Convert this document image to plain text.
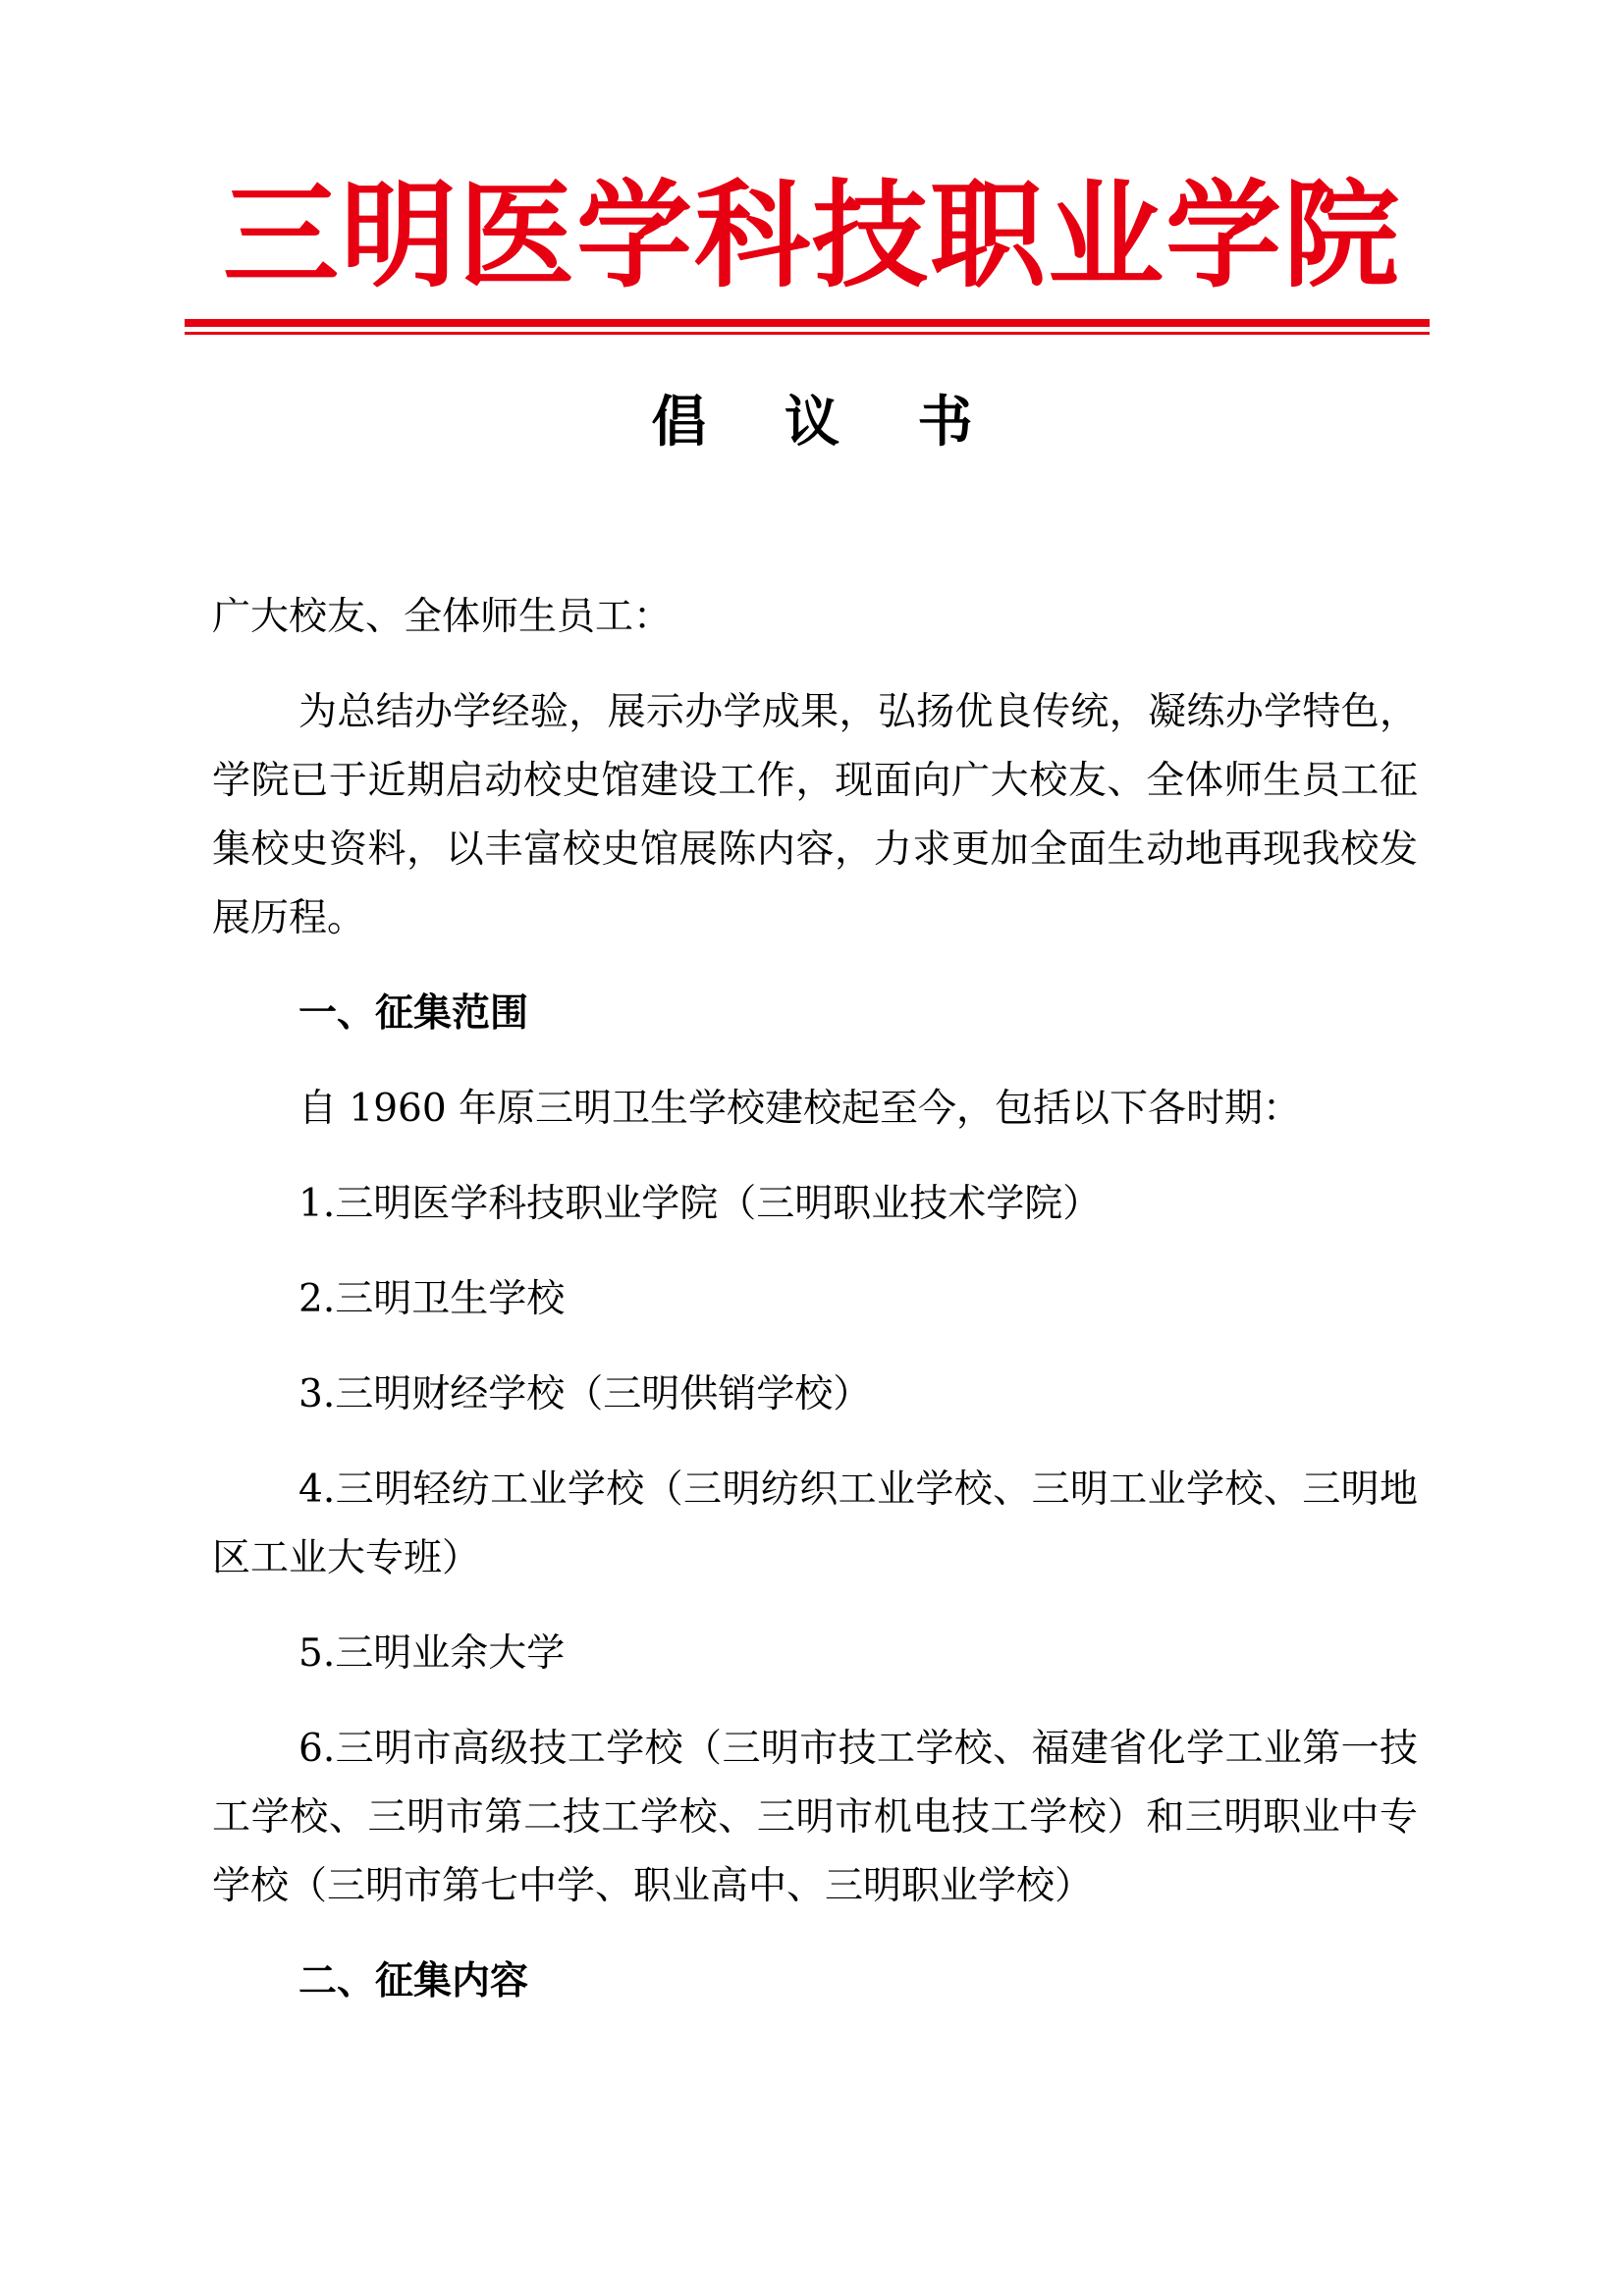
三明医学科技职业学院
倡 议 书

广大校友、全体师生员工：

为总结办学经验，展示办学成果，弘扬优良传统，凝练办学特色，学院已于近期启动校史馆建设工作，现面向广大校友、全体师生员工征集校史资料，以丰富校史馆展陈内容，力求更加全面生动地再现我校发展历程。

一、征集范围

自 1960 年原三明卫生学校建校起至今，包括以下各时期：

1.三明医学科技职业学院（三明职业技术学院）

2.三明卫生学校

3.三明财经学校（三明供销学校）

4.三明轻纺工业学校（三明纺织工业学校、三明工业学校、三明地区工业大专班）

5.三明业余大学

6.三明市高级技工学校（三明市技工学校、福建省化学工业第一技工学校、三明市第二技工学校、三明市机电技工学校）和三明职业中专学校（三明市第七中学、职业高中、三明职业学校）

二、征集内容
